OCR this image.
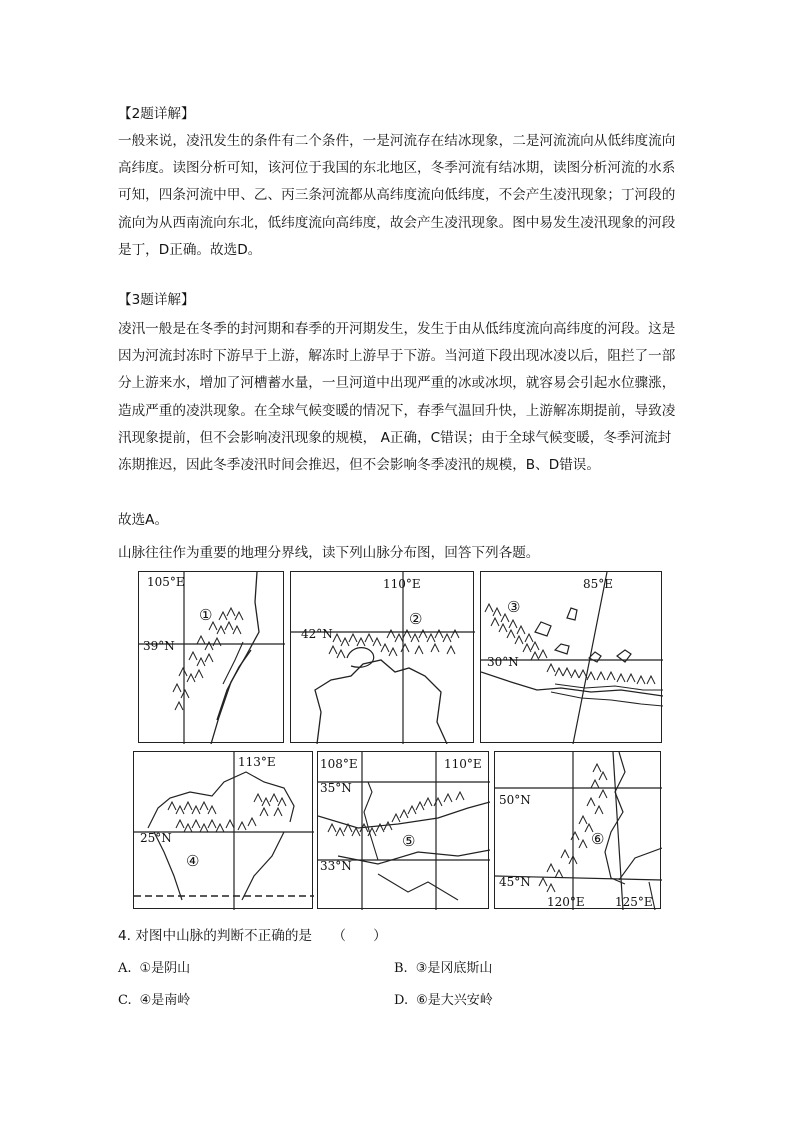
【2题详解】

一般来说，凌汛发生的条件有二个条件，一是河流存在结冰现象，二是河流流向从低纬度流向高纬度。读图分析可知，该河位于我国的东北地区，冬季河流有结冰期，读图分析河流的水系可知，四条河流中甲、乙、丙三条河流都从高纬度流向低纬度，不会产生凌汛现象；丁河段的流向为从西南流向东北，低纬度流向高纬度，故会产生凌汛现象。图中易发生凌汛现象的河段是丁，D正确。故选D。

【3题详解】

凌汛一般是在冬季的封河期和春季的开河期发生，发生于由从低纬度流向高纬度的河段。这是因为河流封冻时下游早于上游，解冻时上游早于下游。当河道下段出现冰凌以后，阻拦了一部分上游来水，增加了河槽蓄水量，一旦河道中出现严重的冰或冰坝，就容易会引起水位骤涨，造成严重的凌洪现象。在全球气候变暖的情况下，春季气温回升快，上游解冻期提前，导致凌汛现象提前，但不会影响凌汛现象的规模， A正确，C错误；由于全球气候变暖，冬季河流封冻期推迟，因此冬季凌汛时间会推迟，但不会影响冬季凌汛的规模，B、D错误。

故选A。
山脉往往作为重要的地理分界线，读下列山脉分布图，回答下列各题。
105°E
39°N
①
110°E
42°N
②
85°E
30°N
③
113°E
25°N
④
108°E	110°E
35°N
33°N
⑤
50°N
45°N
120°E	125°E
⑥
4. 对图中山脉的判断不正确的是　　（　　）
A. ①是阴山	B. ③是冈底斯山
C. ④是南岭	D. ⑥是大兴安岭
